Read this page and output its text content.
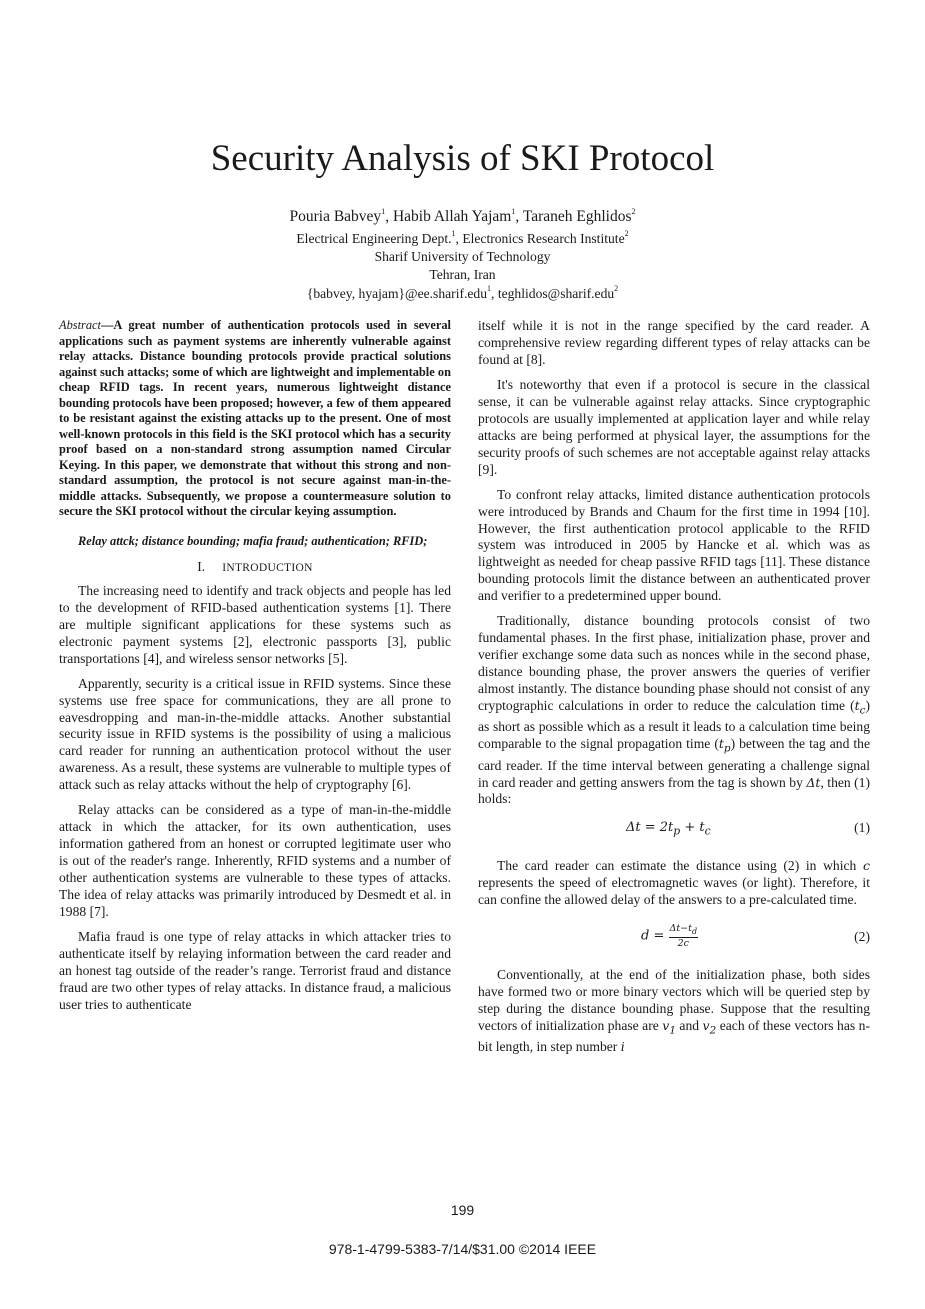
Security Analysis of SKI Protocol
Pouria Babvey$^1$, Habib Allah Yajam$^1$, Taraneh Eghlidos$^2$
Electrical Engineering Dept.$^1$, Electronics Research Institute$^2$
Sharif University of Technology
Tehran, Iran
{babvey, hyajam}@ee.sharif.edu$^1$, teghlidos@sharif.edu$^2$

Abstract—A great number of authentication protocols used in several applications such as payment systems are inherently vulnerable against relay attacks. Distance bounding protocols provide practical solutions against such attacks; some of which are lightweight and implementable on cheap RFID tags. In recent years, numerous lightweight distance bounding protocols have been proposed; however, a few of them appeared to be resistant against the existing attacks up to the present. One of most well-known protocols in this field is the SKI protocol which has a security proof based on a non-standard strong assumption named Circular Keying. In this paper, we demonstrate that without this strong and non-standard assumption, the protocol is not secure against man-in-the-middle attacks. Subsequently, we propose a countermeasure solution to secure the SKI protocol without the circular keying assumption.

Relay attck; distance bounding; mafia fraud; authentication; RFID;

I. INTRODUCTION

The increasing need to identify and track objects and people has led to the development of RFID-based authentication systems [1]. There are multiple significant applications for these systems such as electronic payment systems [2], electronic passports [3], public transportations [4], and wireless sensor networks [5].

Apparently, security is a critical issue in RFID systems. Since these systems use free space for communications, they are all prone to eavesdropping and man-in-the-middle attacks. Another substantial security issue in RFID systems is the possibility of using a malicious card reader for running an authentication protocol without the user awareness. As a result, these systems are vulnerable to multiple types of attack such as relay attacks without the help of cryptography [6].

Relay attacks can be considered as a type of man-in-the-middle attack in which the attacker, for its own authentication, uses information gathered from an honest or corrupted legitimate user who is out of the reader's range. Inherently, RFID systems and a number of other authentication systems are vulnerable to these types of attacks. The idea of relay attacks was primarily introduced by Desmedt et al. in 1988 [7].

Mafia fraud is one type of relay attacks in which attacker tries to authenticate itself by relaying information between the card reader and an honest tag outside of the reader’s range. Terrorist fraud and distance fraud are two other types of relay attacks. In distance fraud, a malicious user tries to authenticate

itself while it is not in the range specified by the card reader. A comprehensive review regarding different types of relay attacks can be found at [8].

It's noteworthy that even if a protocol is secure in the classical sense, it can be vulnerable against relay attacks. Since cryptographic protocols are usually implemented at application layer and while relay attacks are being performed at physical layer, the assumptions for the security proofs of such schemes are not acceptable against relay attacks [9].

To confront relay attacks, limited distance authentication protocols were introduced by Brands and Chaum for the first time in 1994 [10]. However, the first authentication protocol applicable to the RFID system was introduced in 2005 by Hancke et al. which was as lightweight as needed for cheap passive RFID tags [11]. These distance bounding protocols limit the distance between an authenticated prover and verifier to a predetermined upper bound.

Traditionally, distance bounding protocols consist of two fundamental phases. In the first phase, initialization phase, prover and verifier exchange some data such as nonces while in the second phase, distance bounding phase, the prover answers the queries of verifier almost instantly. The distance bounding phase should not consist of any cryptographic calculations in order to reduce the calculation time $(t_c)$ as short as possible which as a result it leads to a calculation time being comparable to the signal propagation time $(t_p)$ between the tag and the card reader. If the time interval between generating a challenge signal in card reader and getting answers from the tag is shown by Δt, then (1) holds:

$\Delta t = 2t_p + t_c$	(1)

The card reader can estimate the distance using (2) in which c represents the speed of electromagnetic waves (or light). Therefore, it can confine the allowed delay of the answers to a pre-calculated time.

$d = \frac{\Delta t-t_d}{2c}$	(2)

Conventionally, at the end of the initialization phase, both sides have formed two or more binary vectors which will be queried step by step during the distance bounding phase. Suppose that the resulting vectors of initialization phase are $v_1$ and $v_2$ each of these vectors has n-bit length, in step number i

199
978-1-4799-5383-7/14/$31.00 ©2014 IEEE
